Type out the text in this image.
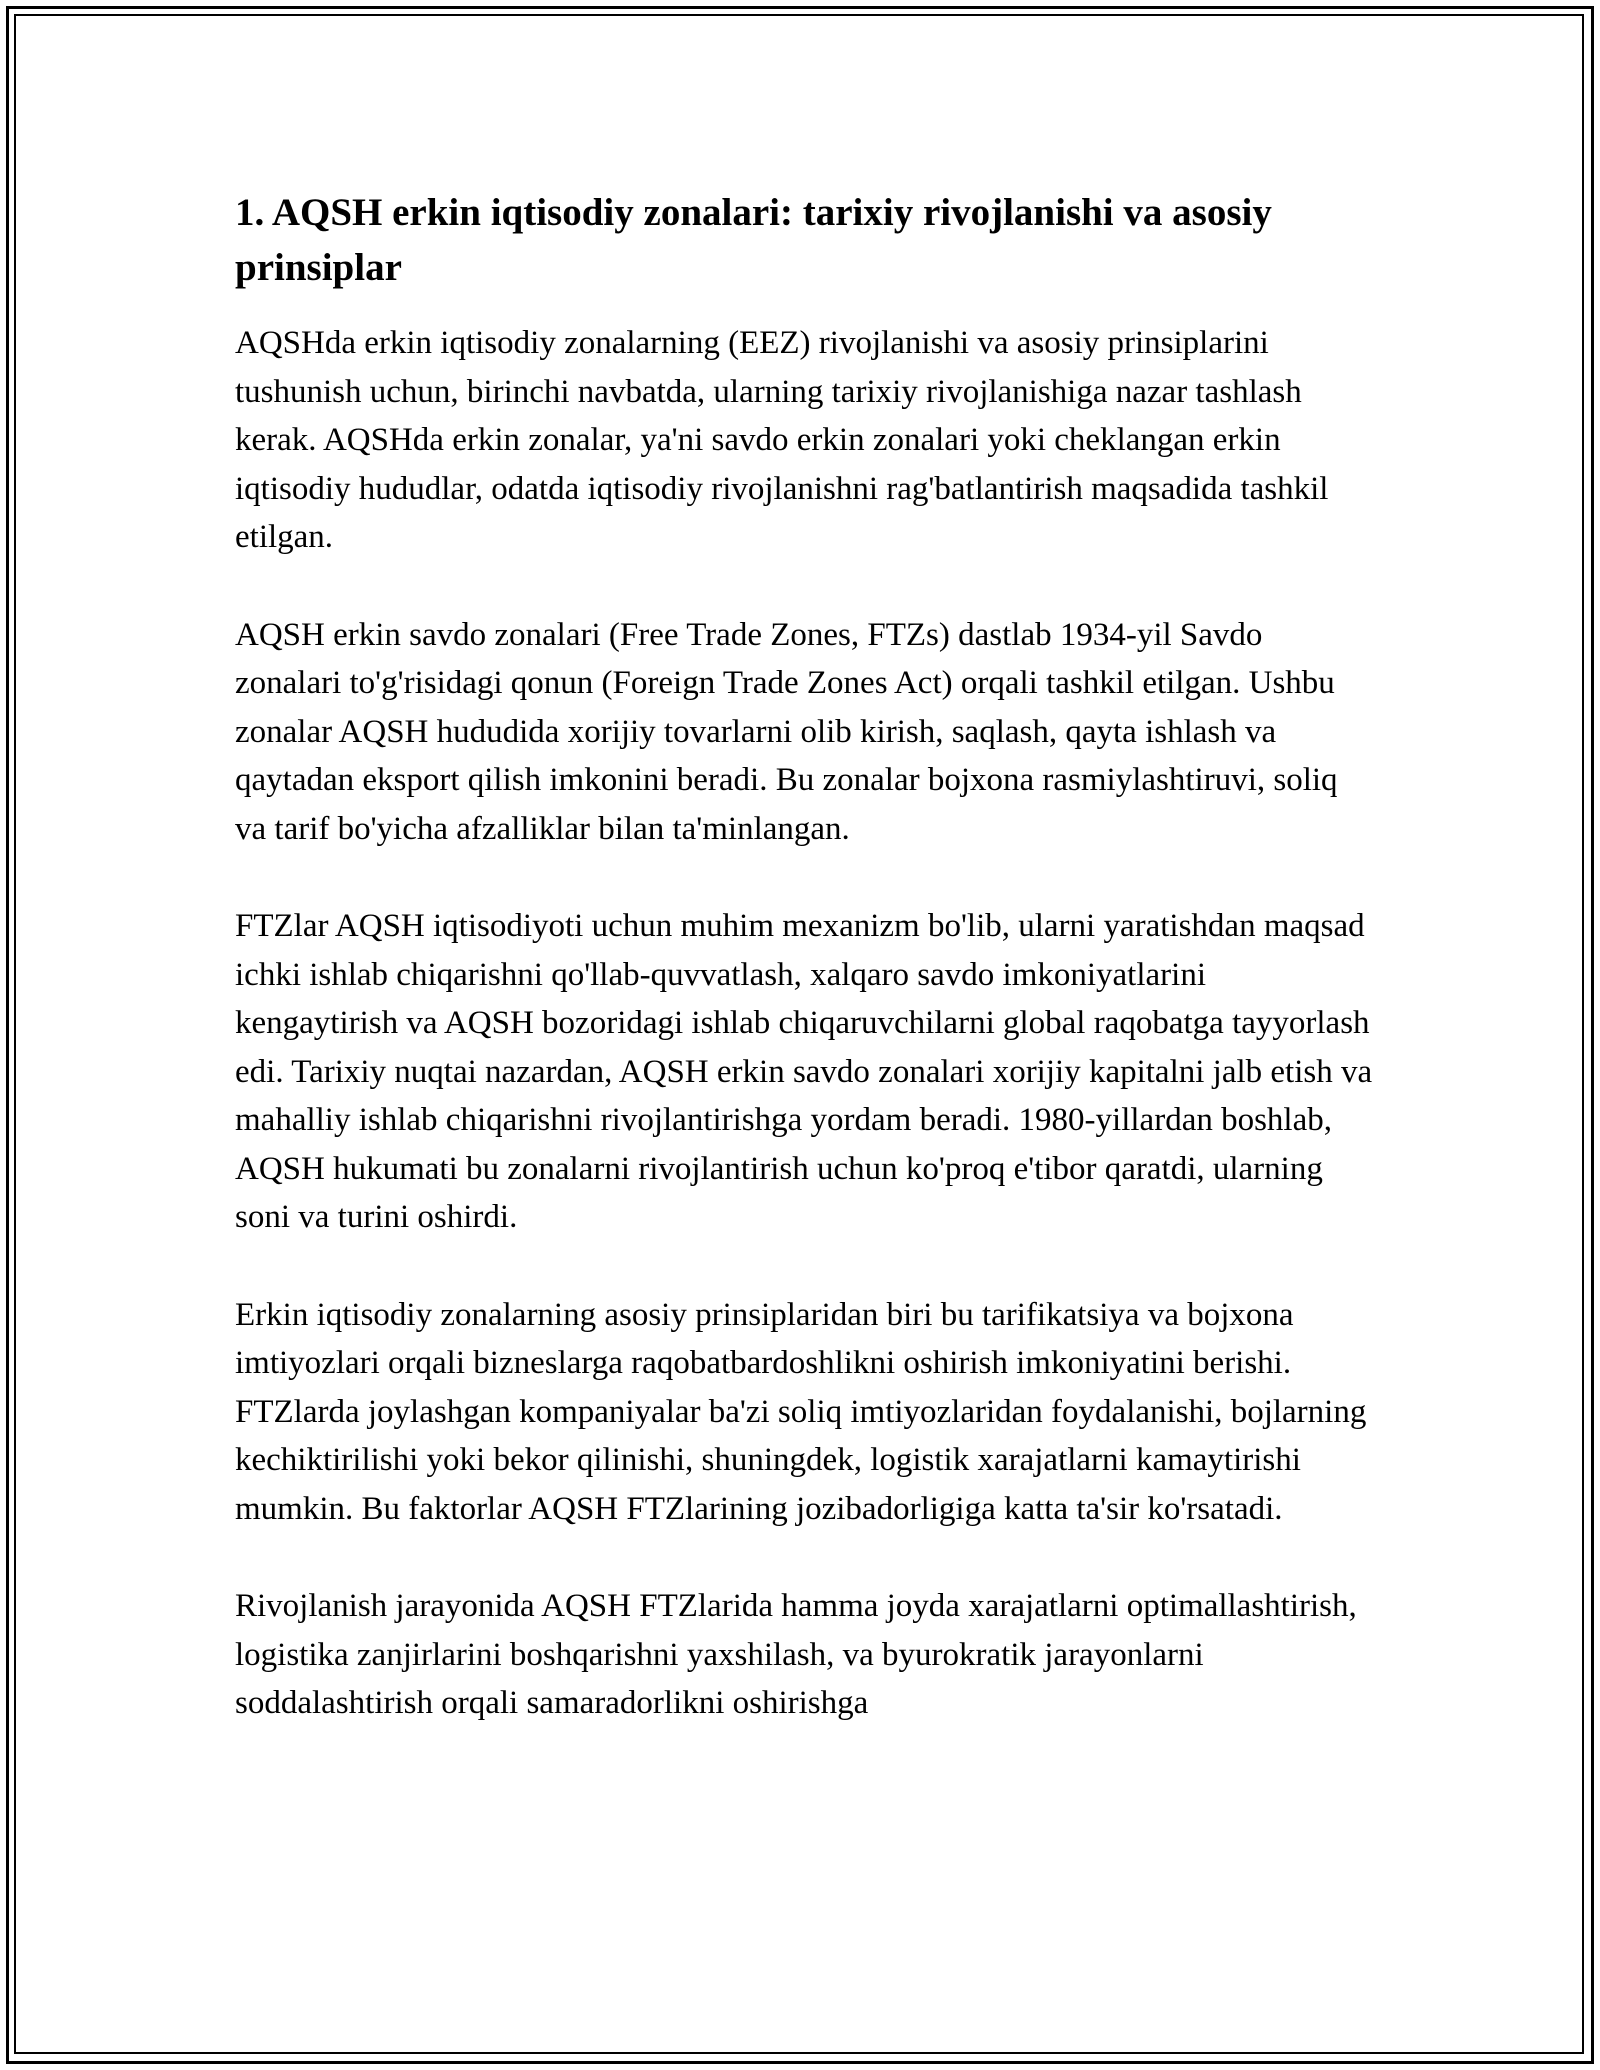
1. AQSH erkin iqtisodiy zonalari: tarixiy rivojlanishi va asosiy prinsiplar

AQSHda erkin iqtisodiy zonalarning (EEZ) rivojlanishi va asosiy prinsiplarini tushunish uchun, birinchi navbatda, ularning tarixiy rivojlanishiga nazar tashlash kerak. AQSHda erkin zonalar, ya'ni savdo erkin zonalari yoki cheklangan erkin iqtisodiy hududlar, odatda iqtisodiy rivojlanishni rag'batlantirish maqsadida tashkil etilgan.

AQSH erkin savdo zonalari (Free Trade Zones, FTZs) dastlab 1934-yil Savdo zonalari to'g'risidagi qonun (Foreign Trade Zones Act) orqali tashkil etilgan. Ushbu zonalar AQSH hududida xorijiy tovarlarni olib kirish, saqlash, qayta ishlash va qaytadan eksport qilish imkonini beradi. Bu zonalar bojxona rasmiylashtiruvi, soliq va tarif bo'yicha afzalliklar bilan ta'minlangan.

FTZlar AQSH iqtisodiyoti uchun muhim mexanizm bo'lib, ularni yaratishdan maqsad ichki ishlab chiqarishni qo'llab-quvvatlash, xalqaro savdo imkoniyatlarini kengaytirish va AQSH bozoridagi ishlab chiqaruvchilarni global raqobatga tayyorlash edi. Tarixiy nuqtai nazardan, AQSH erkin savdo zonalari xorijiy kapitalni jalb etish va mahalliy ishlab chiqarishni rivojlantirishga yordam beradi. 1980-yillardan boshlab, AQSH hukumati bu zonalarni rivojlantirish uchun ko'proq e'tibor qaratdi, ularning soni va turini oshirdi.

Erkin iqtisodiy zonalarning asosiy prinsiplaridan biri bu tarifikatsiya va bojxona imtiyozlari orqali bizneslarga raqobatbardoshlikni oshirish imkoniyatini berishi. FTZlarda joylashgan kompaniyalar ba'zi soliq imtiyozlaridan foydalanishi, bojlarning kechiktirilishi yoki bekor qilinishi, shuningdek, logistik xarajatlarni kamaytirishi mumkin. Bu faktorlar AQSH FTZlarining jozibadorligiga katta ta'sir ko'rsatadi.

Rivojlanish jarayonida AQSH FTZlarida hamma joyda xarajatlarni optimallashtirish, logistika zanjirlarini boshqarishni yaxshilash, va byurokratik jarayonlarni soddalashtirish orqali samaradorlikni oshirishga
